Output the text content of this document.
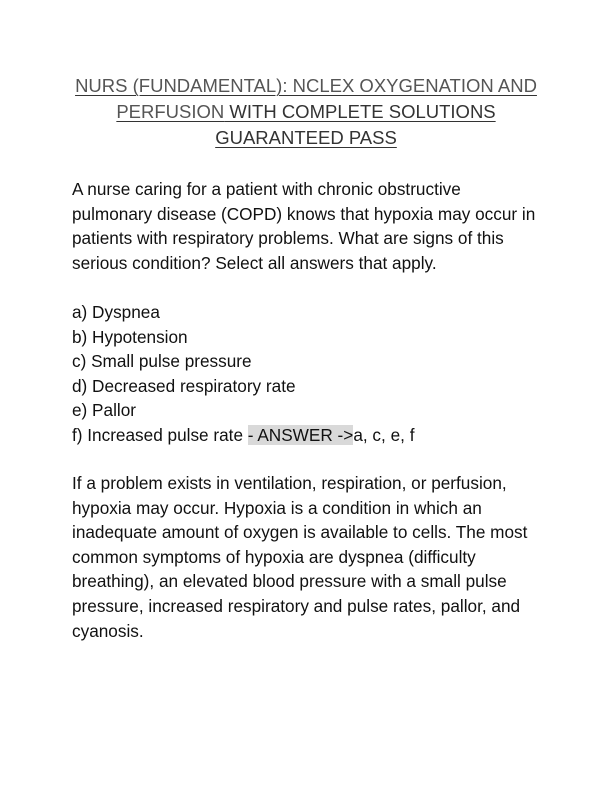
NURS (FUNDAMENTAL): NCLEX OXYGENATION AND PERFUSION WITH COMPLETE SOLUTIONS GUARANTEED PASS
A nurse caring for a patient with chronic obstructive pulmonary disease (COPD) knows that hypoxia may occur in patients with respiratory problems. What are signs of this serious condition? Select all answers that apply.
a) Dyspnea
b) Hypotension
c) Small pulse pressure
d) Decreased respiratory rate
e) Pallor
f) Increased pulse rate - ANSWER ->a, c, e, f
If a problem exists in ventilation, respiration, or perfusion, hypoxia may occur. Hypoxia is a condition in which an inadequate amount of oxygen is available to cells. The most common symptoms of hypoxia are dyspnea (difficulty breathing), an elevated blood pressure with a small pulse pressure, increased respiratory and pulse rates, pallor, and cyanosis.
